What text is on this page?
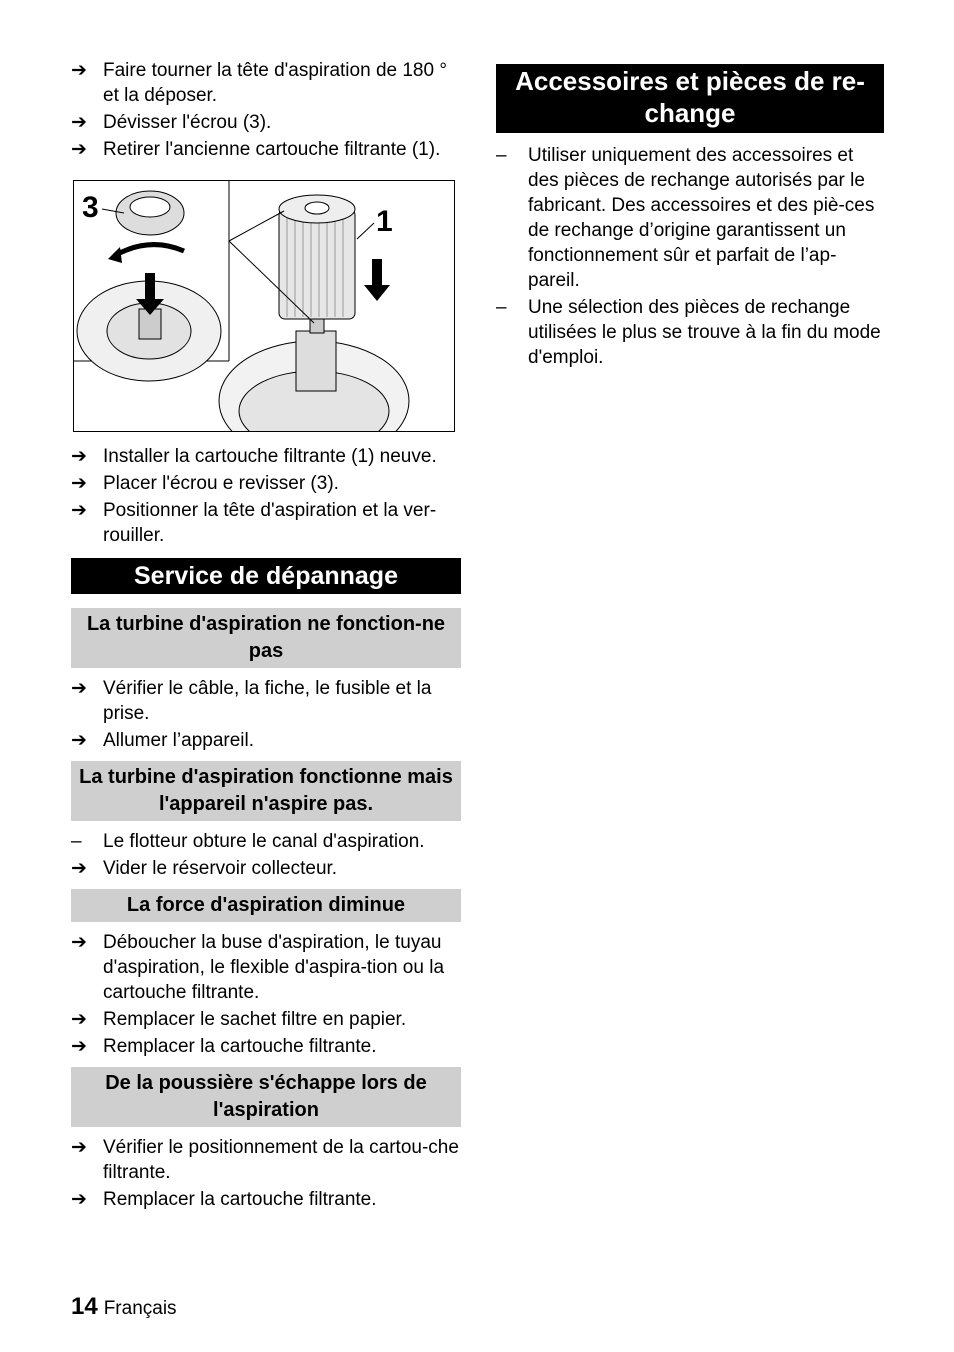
➔ Faire tourner la tête d'aspiration de 180 ° et la déposer.
➔ Dévisser l'écrou (3).
➔ Retirer l'ancienne cartouche filtrante (1).
3	1
➔ Installer la cartouche filtrante (1) neuve.
➔ Placer l'écrou e revisser (3).
➔ Positionner la tête d'aspiration et la ver-rouiller.
Service de dépannage
La turbine d'aspiration ne fonction-ne pas
➔ Vérifier le câble, la fiche, le fusible et la prise.
➔ Allumer l’appareil.
La turbine d'aspiration fonctionne mais l'appareil n'aspire pas.
–	Le flotteur obture le canal d'aspiration.
➔ Vider le réservoir collecteur.
La force d'aspiration diminue
➔ Déboucher la buse d'aspiration, le tuyau d'aspiration, le flexible d'aspira-tion ou la cartouche filtrante.
➔ Remplacer le sachet filtre en papier.
➔ Remplacer la cartouche filtrante.
De la poussière s'échappe lors de l'aspiration
➔ Vérifier le positionnement de la cartou-che filtrante.
➔ Remplacer la cartouche filtrante.
Accessoires et pièces de re-change
–	Utiliser uniquement des accessoires et des pièces de rechange autorisés par le fabricant. Des accessoires et des piè-ces de rechange d’origine garantissent un fonctionnement sûr et parfait de l’ap-pareil.
–	Une sélection des pièces de rechange utilisées le plus se trouve à la fin du mode d'emploi.
14 Français
